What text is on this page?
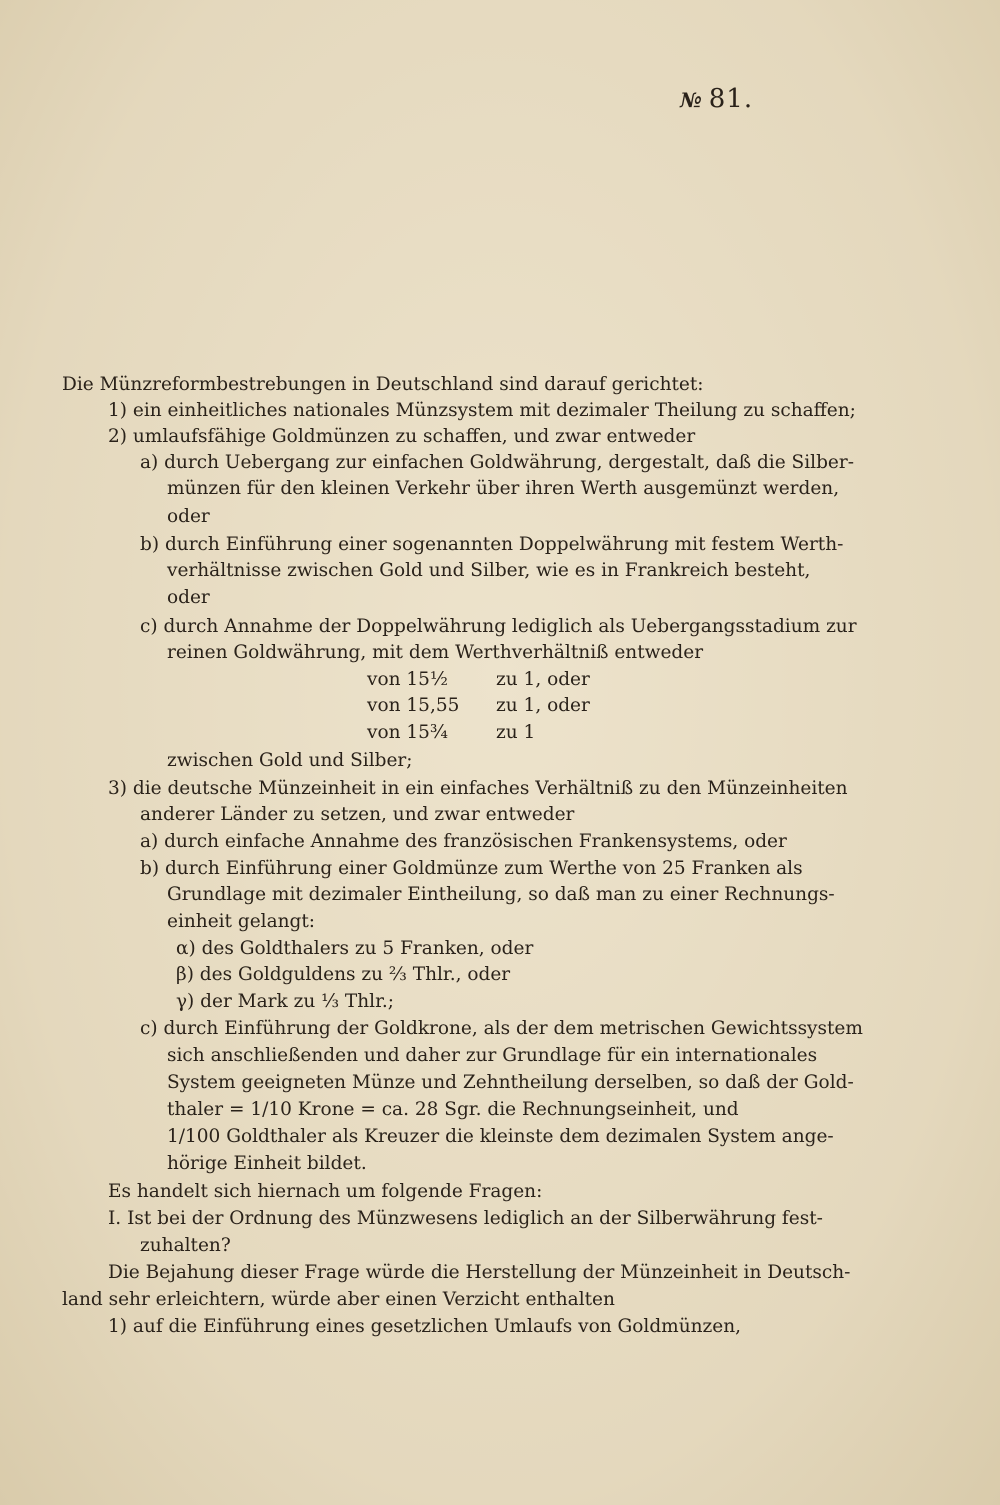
№ 81.
Die Münzreformbestrebungen in Deutschland sind darauf gerichtet:
1) ein einheitliches nationales Münzsystem mit dezimaler Theilung zu schaffen;
2) umlaufsfähige Goldmünzen zu schaffen, und zwar entweder
a) durch Uebergang zur einfachen Goldwährung, dergestalt, daß die Silber-
münzen für den kleinen Verkehr über ihren Werth ausgemünzt werden,
oder
b) durch Einführung einer sogenannten Doppelwährung mit festem Werth-
verhältnisse zwischen Gold und Silber, wie es in Frankreich besteht,
oder
c) durch Annahme der Doppelwährung lediglich als Uebergangsstadium zur
reinen Goldwährung, mit dem Werthverhältniß entweder
von 15½	zu 1, oder
von 15,55 zu 1, oder
von 15¾	zu 1
zwischen Gold und Silber;
3) die deutsche Münzeinheit in ein einfaches Verhältniß zu den Münzeinheiten
anderer Länder zu setzen, und zwar entweder
a) durch einfache Annahme des französischen Frankensystems, oder
b) durch Einführung einer Goldmünze zum Werthe von 25 Franken als
Grundlage mit dezimaler Eintheilung, so daß man zu einer Rechnungs-
einheit gelangt:
α) des Goldthalers zu 5 Franken, oder
β) des Goldguldens zu ⅔ Thlr., oder
γ) der Mark zu ⅓ Thlr.;
c) durch Einführung der Goldkrone, als der dem metrischen Gewichtssystem
sich anschließenden und daher zur Grundlage für ein internationales
System geeigneten Münze und Zehntheilung derselben, so daß der Gold-
thaler = 1/10 Krone = ca. 28 Sgr. die Rechnungseinheit, und
1/100 Goldthaler als Kreuzer die kleinste dem dezimalen System ange-
hörige Einheit bildet.
Es handelt sich hiernach um folgende Fragen:
I. Ist bei der Ordnung des Münzwesens lediglich an der Silberwährung fest-
zuhalten?
Die Bejahung dieser Frage würde die Herstellung der Münzeinheit in Deutsch-
land sehr erleichtern, würde aber einen Verzicht enthalten
1) auf die Einführung eines gesetzlichen Umlaufs von Goldmünzen,
